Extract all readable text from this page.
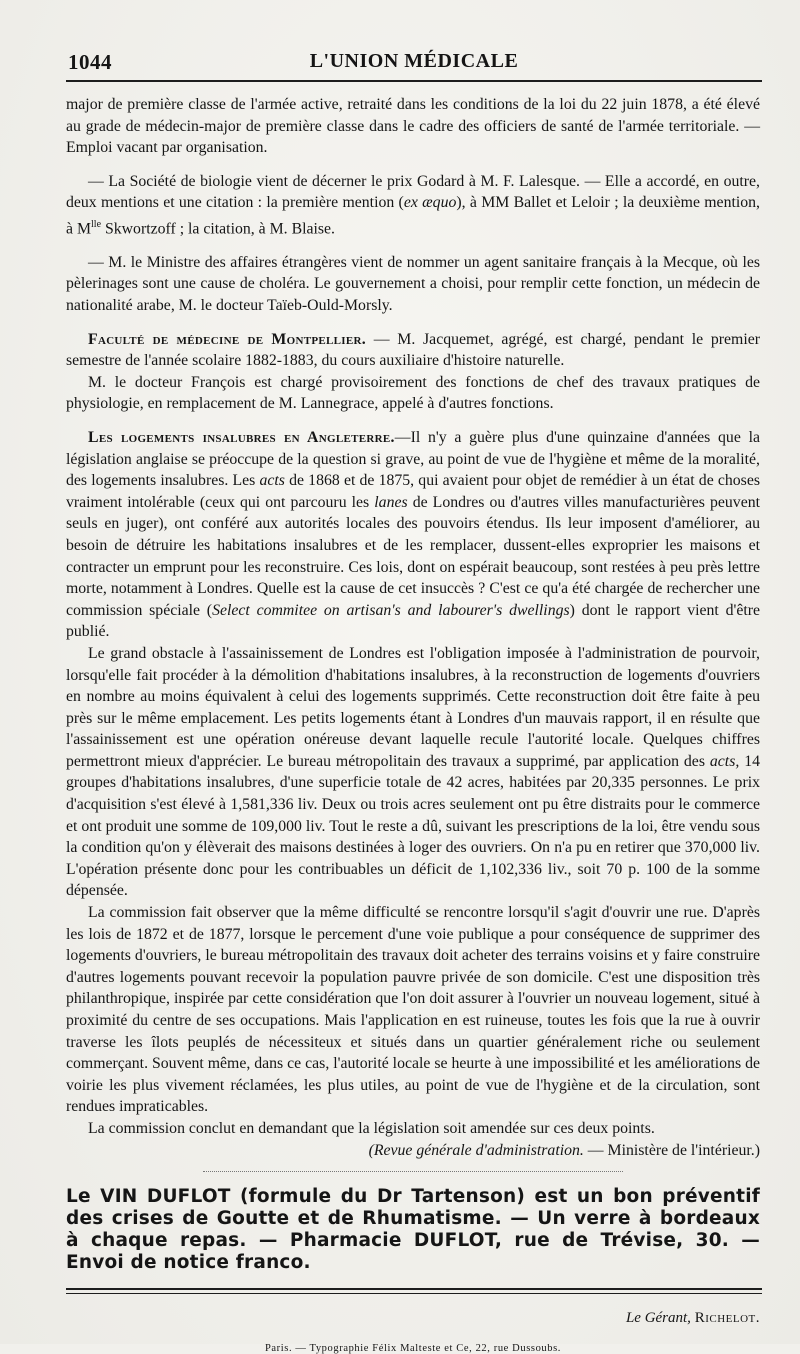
1044	L'UNION MÉDICALE

major de première classe de l'armée active, retraité dans les conditions de la loi du 22 juin 1878, a été élevé au grade de médecin-major de première classe dans le cadre des officiers de santé de l'armée territoriale. — Emploi vacant par organisation.

— La Société de biologie vient de décerner le prix Godard à M. F. Lalesque. — Elle a accordé, en outre, deux mentions et une citation : la première mention (ex æquo), à MM Ballet et Leloir ; la deuxième mention, à $M^{lle}$ Skwortzoff ; la citation, à M. Blaise.

— M. le Ministre des affaires étrangères vient de nommer un agent sanitaire français à la Mecque, où les pèlerinages sont une cause de choléra. Le gouvernement a choisi, pour remplir cette fonction, un médecin de nationalité arabe, M. le docteur Taïeb-Ould-Morsly.

Faculté de médecine de Montpellier. — M. Jacquemet, agrégé, est chargé, pendant le premier semestre de l'année scolaire 1882-1883, du cours auxiliaire d'histoire naturelle.

M. le docteur François est chargé provisoirement des fonctions de chef des travaux pratiques de physiologie, en remplacement de M. Lannegrace, appelé à d'autres fonctions.

Les logements insalubres en Angleterre.—Il n'y a guère plus d'une quinzaine d'années que la législation anglaise se préoccupe de la question si grave, au point de vue de l'hygiène et même de la moralité, des logements insalubres. Les acts de 1868 et de 1875, qui avaient pour objet de remédier à un état de choses vraiment intolérable (ceux qui ont parcouru les lanes de Londres ou d'autres villes manufacturières peuvent seuls en juger), ont conféré aux autorités locales des pouvoirs étendus. Ils leur imposent d'améliorer, au besoin de détruire les habitations insalubres et de les remplacer, dussent-elles exproprier les maisons et contracter un emprunt pour les reconstruire. Ces lois, dont on espérait beaucoup, sont restées à peu près lettre morte, notamment à Londres. Quelle est la cause de cet insuccès ? C'est ce qu'a été chargée de rechercher une commission spéciale (Select commitee on artisan's and labourer's dwellings) dont le rapport vient d'être publié.

Le grand obstacle à l'assainissement de Londres est l'obligation imposée à l'administration de pourvoir, lorsqu'elle fait procéder à la démolition d'habitations insalubres, à la reconstruction de logements d'ouvriers en nombre au moins équivalent à celui des logements supprimés. Cette reconstruction doit être faite à peu près sur le même emplacement. Les petits logements étant à Londres d'un mauvais rapport, il en résulte que l'assainissement est une opération onéreuse devant laquelle recule l'autorité locale. Quelques chiffres permettront mieux d'apprécier. Le bureau métropolitain des travaux a supprimé, par application des acts, 14 groupes d'habitations insalubres, d'une superficie totale de 42 acres, habitées par 20,335 personnes. Le prix d'acquisition s'est élevé à 1,581,336 liv. Deux ou trois acres seulement ont pu être distraits pour le commerce et ont produit une somme de 109,000 liv. Tout le reste a dû, suivant les prescriptions de la loi, être vendu sous la condition qu'on y élèverait des maisons destinées à loger des ouvriers. On n'a pu en retirer que 370,000 liv. L'opération présente donc pour les contribuables un déficit de 1,102,336 liv., soit 70 p. 100 de la somme dépensée.

La commission fait observer que la même difficulté se rencontre lorsqu'il s'agit d'ouvrir une rue. D'après les lois de 1872 et de 1877, lorsque le percement d'une voie publique a pour conséquence de supprimer des logements d'ouvriers, le bureau métropolitain des travaux doit acheter des terrains voisins et y faire construire d'autres logements pouvant recevoir la population pauvre privée de son domicile. C'est une disposition très philanthropique, inspirée par cette considération que l'on doit assurer à l'ouvrier un nouveau logement, situé à proximité du centre de ses occupations. Mais l'application en est ruineuse, toutes les fois que la rue à ouvrir traverse les îlots peuplés de nécessiteux et situés dans un quartier généralement riche ou seulement commerçant. Souvent même, dans ce cas, l'autorité locale se heurte à une impossibilité et les améliorations de voirie les plus vivement réclamées, les plus utiles, au point de vue de l'hygiène et de la circulation, sont rendues impraticables.

La commission conclut en demandant que la législation soit amendée sur ces deux points.

(Revue générale d'administration. — Ministère de l'intérieur.)

Le VIN DUFLOT (formule du Dr Tartenson) est un bon préventif des crises de Goutte et de Rhumatisme. — Un verre à bordeaux à chaque repas. — Pharmacie DUFLOT, rue de Trévise, 30. — Envoi de notice franco.
Le Gérant, Richelot.
Paris. — Typographie Félix Malteste et Ce, 22, rue Dussoubs.
